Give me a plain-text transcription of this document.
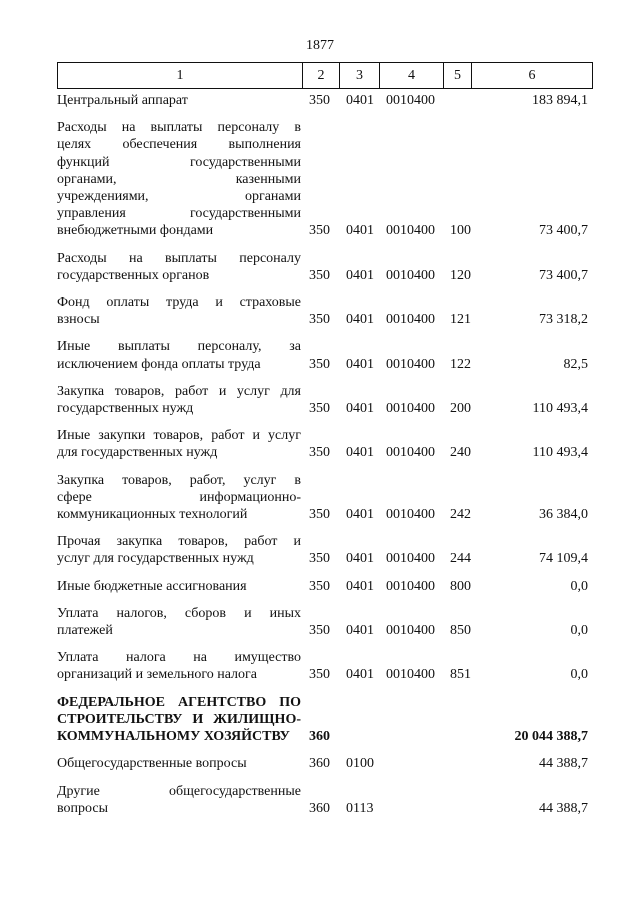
1877
1	2	3	4	5	6
Центральный аппарат	350 0401 0010400	183 894,1
Расходы на выплаты персоналу в
целях обеспечения выполнения
функций государственными
органами, казенными
учреждениями, органами
управления государственными
внебюджетными фондами	350 0401 0010400 100	73 400,7
Расходы на выплаты персоналу
государственных органов	350 0401 0010400 120	73 400,7
Фонд оплаты труда и страховые
взносы	350 0401 0010400 121	73 318,2
Иные выплаты персоналу, за
исключением фонда оплаты труда	350 0401 0010400 122	82,5
Закупка товаров, работ и услуг для
государственных нужд	350 0401 0010400 200	110 493,4
Иные закупки товаров, работ и услуг
для государственных нужд	350 0401 0010400 240	110 493,4
Закупка товаров, работ, услуг в
сфере информационно-
коммуникационных технологий	350 0401 0010400 242	36 384,0
Прочая закупка товаров, работ и
услуг для государственных нужд	350 0401 0010400 244	74 109,4
Иные бюджетные ассигнования	350 0401 0010400 800	0,0
Уплата налогов, сборов и иных
платежей	350 0401 0010400 850	0,0
Уплата налога на имущество
организаций и земельного налога	350 0401 0010400 851	0,0
ФЕДЕРАЛЬНОЕ АГЕНТСТВО ПО
СТРОИТЕЛЬСТВУ И ЖИЛИЩНО-
КОММУНАЛЬНОМУ ХОЗЯЙСТВУ	360	20 044 388,7
Общегосударственные вопросы	360 0100	44 388,7
Другие общегосударственные
вопросы	360 0113	44 388,7
